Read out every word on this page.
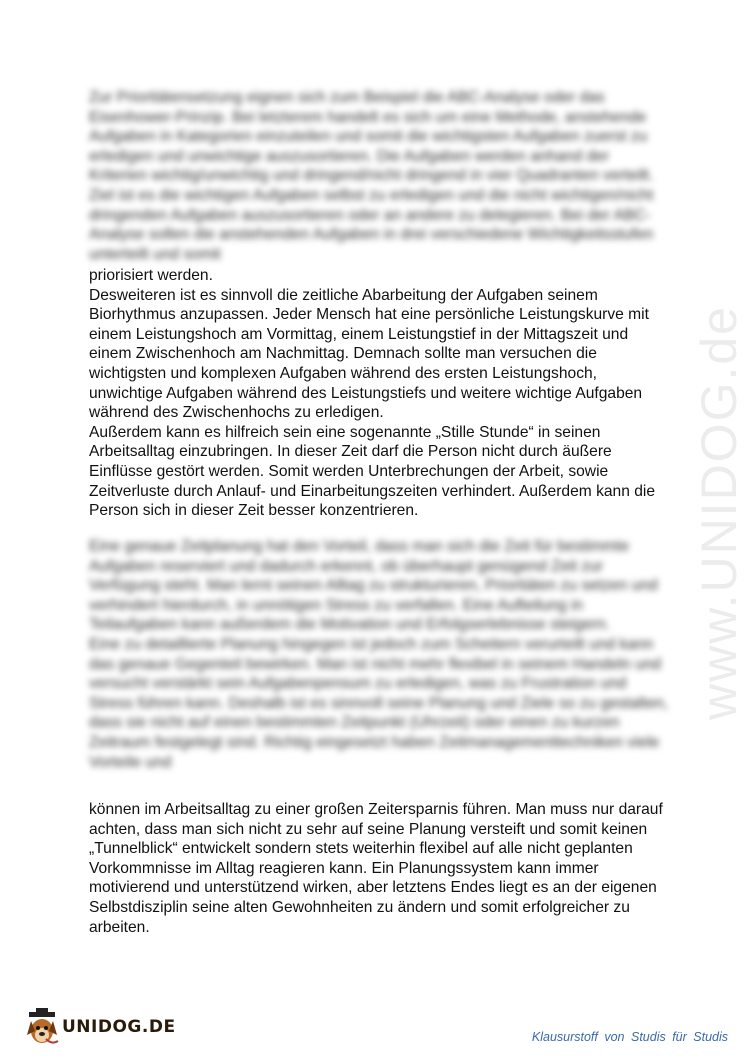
www.UNIDOG.de

Zur Prioritätensetzung eignen sich zum Beispiel die ABC-Analyse oder das Eisenhower-Prinzip. Bei letzterem handelt es sich um eine Methode, anstehende Aufgaben in Kategorien einzuteilen und somit die wichtigsten Aufgaben zuerst zu erledigen und unwichtige auszusortieren. Die Aufgaben werden anhand der Kriterien wichtig/unwichtig und dringend/nicht dringend in vier Quadranten verteilt. Ziel ist es die wichtigen Aufgaben selbst zu erledigen und die nicht wichtigen/nicht dringenden Aufgaben auszusortieren oder an andere zu delegieren. Bei der ABC-Analyse sollen die anstehenden Aufgaben in drei verschiedene Wichtigkeitsstufen unterteilt und somit

priorisiert werden.

Desweiteren ist es sinnvoll die zeitliche Abarbeitung der Aufgaben seinem Biorhythmus anzupassen. Jeder Mensch hat eine persönliche Leistungskurve mit einem Leistungshoch am Vormittag, einem Leistungstief in der Mittagszeit und einem Zwischenhoch am Nachmittag. Demnach sollte man versuchen die wichtigsten und komplexen Aufgaben während des ersten Leistungshoch, unwichtige Aufgaben während des Leistungstiefs und weitere wichtige Aufgaben während des Zwischenhochs zu erledigen.

Außerdem kann es hilfreich sein eine sogenannte „Stille Stunde“ in seinen Arbeitsalltag einzubringen. In dieser Zeit darf die Person nicht durch äußere Einflüsse gestört werden. Somit werden Unterbrechungen der Arbeit, sowie Zeitverluste durch Anlauf- und Einarbeitungszeiten verhindert. Außerdem kann die Person sich in dieser Zeit besser konzentrieren.

Eine genaue Zeitplanung hat den Vorteil, dass man sich die Zeit für bestimmte Aufgaben reserviert und dadurch erkennt, ob überhaupt genügend Zeit zur Verfügung steht. Man lernt seinen Alltag zu strukturieren, Prioritäten zu setzen und verhindert hierdurch, in unnötigen Stress zu verfallen. Eine Aufteilung in Teilaufgaben kann außerdem die Motivation und Erfolgserlebnisse steigern.

Eine zu detaillierte Planung hingegen ist jedoch zum Scheitern verurteilt und kann das genaue Gegenteil bewirken. Man ist nicht mehr flexibel in seinem Handeln und versucht verstärkt sein Aufgabenpensum zu erledigen, was zu Frustration und Stress führen kann. Deshalb ist es sinnvoll seine Planung und Ziele so zu gestalten, dass sie nicht auf einen bestimmten Zeitpunkt (Uhrzeit) oder einen zu kurzen Zeitraum festgelegt sind. Richtig eingesetzt haben Zeitmanagementtechniken viele Vorteile und

können im Arbeitsalltag zu einer großen Zeitersparnis führen. Man muss nur darauf achten, dass man sich nicht zu sehr auf seine Planung versteift und somit keinen „Tunnelblick“ entwickelt sondern stets weiterhin flexibel auf alle nicht geplanten Vorkommnisse im Alltag reagieren kann. Ein Planungssystem kann immer motivierend und unterstützend wirken, aber letztens Endes liegt es an der eigenen Selbstdisziplin seine alten Gewohnheiten zu ändern und somit erfolgreicher zu arbeiten.

UNIDOG.DE
Klausurstoff von Studis für Studis
